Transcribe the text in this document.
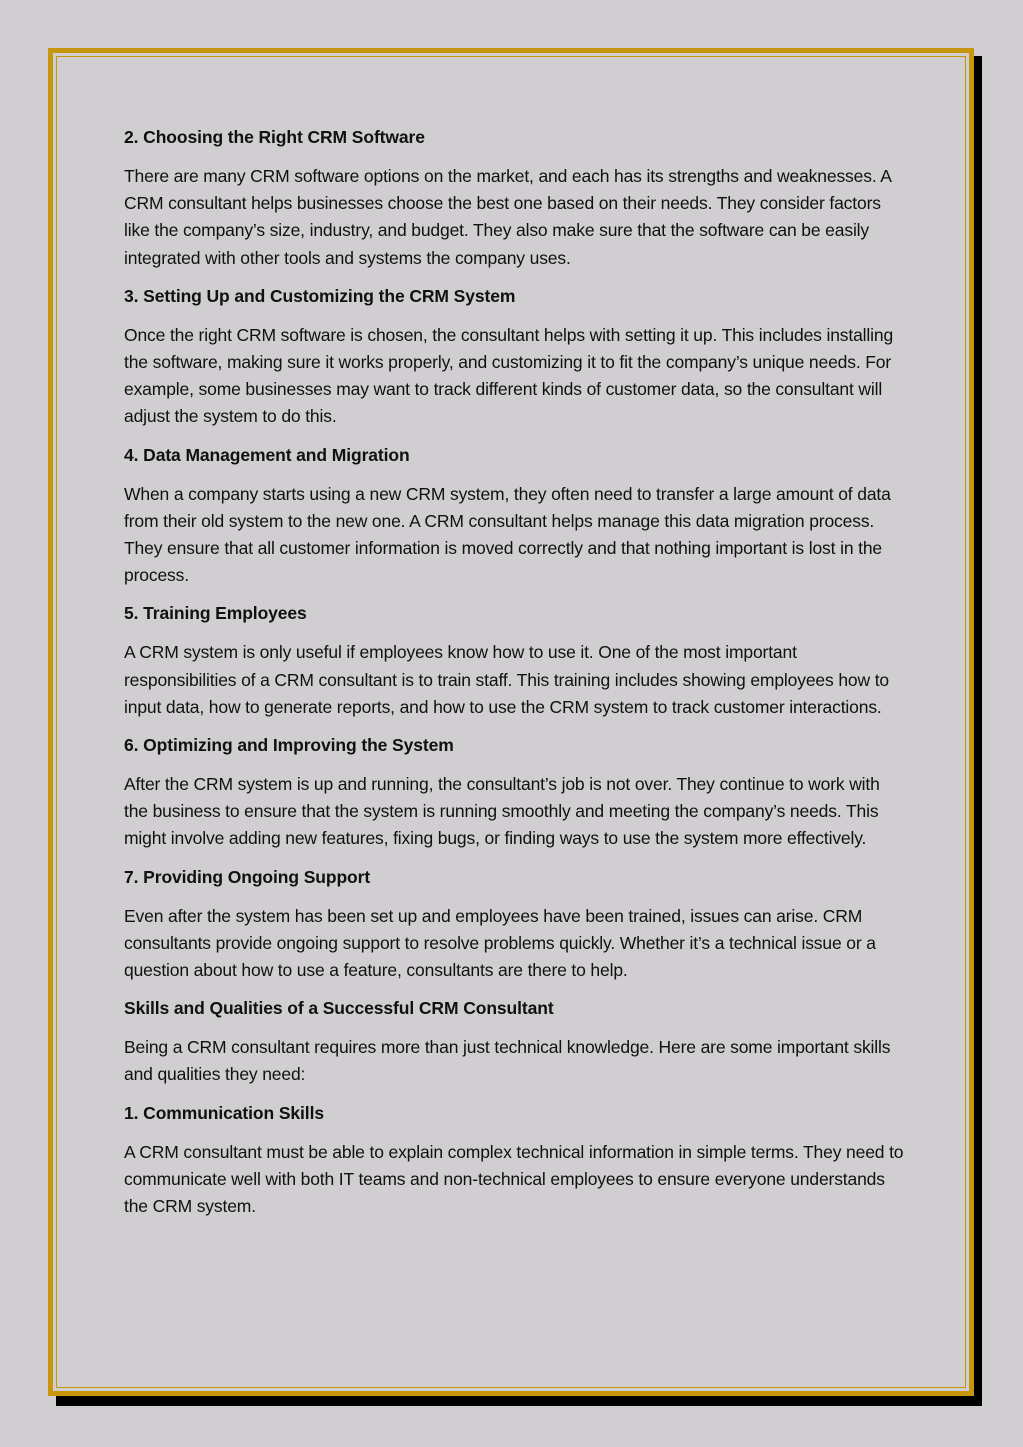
2. Choosing the Right CRM Software

There are many CRM software options on the market, and each has its strengths and weaknesses. A CRM consultant helps businesses choose the best one based on their needs. They consider factors like the company’s size, industry, and budget. They also make sure that the software can be easily integrated with other tools and systems the company uses.

3. Setting Up and Customizing the CRM System

Once the right CRM software is chosen, the consultant helps with setting it up. This includes installing the software, making sure it works properly, and customizing it to fit the company’s unique needs. For example, some businesses may want to track different kinds of customer data, so the consultant will adjust the system to do this.

4. Data Management and Migration

When a company starts using a new CRM system, they often need to transfer a large amount of data from their old system to the new one. A CRM consultant helps manage this data migration process. They ensure that all customer information is moved correctly and that nothing important is lost in the process.

5. Training Employees

A CRM system is only useful if employees know how to use it. One of the most important responsibilities of a CRM consultant is to train staff. This training includes showing employees how to input data, how to generate reports, and how to use the CRM system to track customer interactions.

6. Optimizing and Improving the System

After the CRM system is up and running, the consultant’s job is not over. They continue to work with the business to ensure that the system is running smoothly and meeting the company’s needs. This might involve adding new features, fixing bugs, or finding ways to use the system more effectively.

7. Providing Ongoing Support

Even after the system has been set up and employees have been trained, issues can arise. CRM consultants provide ongoing support to resolve problems quickly. Whether it’s a technical issue or a question about how to use a feature, consultants are there to help.

Skills and Qualities of a Successful CRM Consultant

Being a CRM consultant requires more than just technical knowledge. Here are some important skills and qualities they need:

1. Communication Skills

A CRM consultant must be able to explain complex technical information in simple terms. They need to communicate well with both IT teams and non-technical employees to ensure everyone understands the CRM system.
